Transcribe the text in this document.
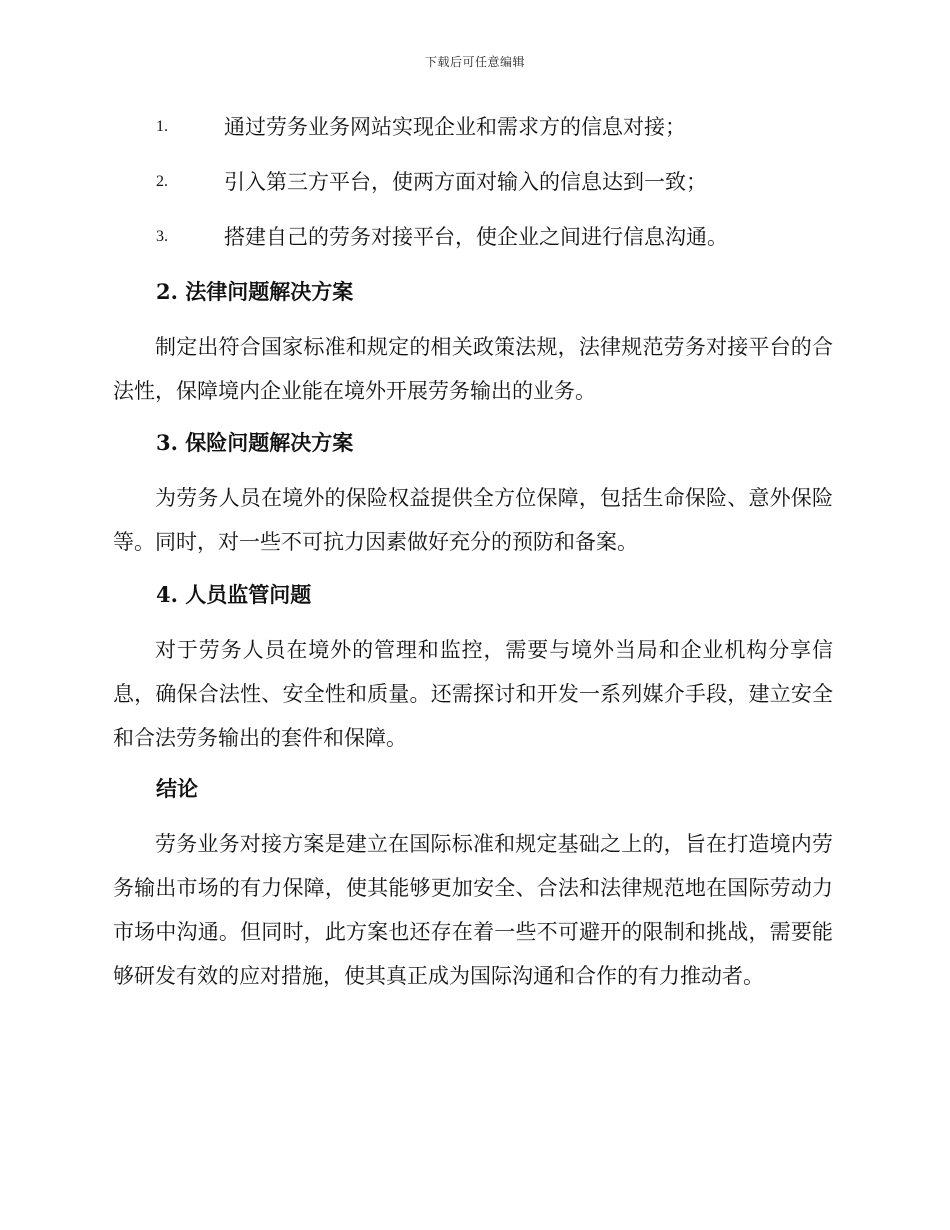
下载后可任意编辑
1.	通过劳务业务网站实现企业和需求方的信息对接；
2.	引入第三方平台，使两方面对输入的信息达到一致；
3.	搭建自己的劳务对接平台，使企业之间进行信息沟通。
2. 法律问题解决方案

制定出符合国家标准和规定的相关政策法规，法律规范劳务对接平台的合法性，保障境内企业能在境外开展劳务输出的业务。

3. 保险问题解决方案

为劳务人员在境外的保险权益提供全方位保障，包括生命保险、意外保险等。同时，对一些不可抗力因素做好充分的预防和备案。

4. 人员监管问题

对于劳务人员在境外的管理和监控，需要与境外当局和企业机构分享信息，确保合法性、安全性和质量。还需探讨和开发一系列媒介手段，建立安全和合法劳务输出的套件和保障。

结论

劳务业务对接方案是建立在国际标准和规定基础之上的，旨在打造境内劳务输出市场的有力保障，使其能够更加安全、合法和法律规范地在国际劳动力市场中沟通。但同时，此方案也还存在着一些不可避开的限制和挑战，需要能够研发有效的应对措施，使其真正成为国际沟通和合作的有力推动者。
